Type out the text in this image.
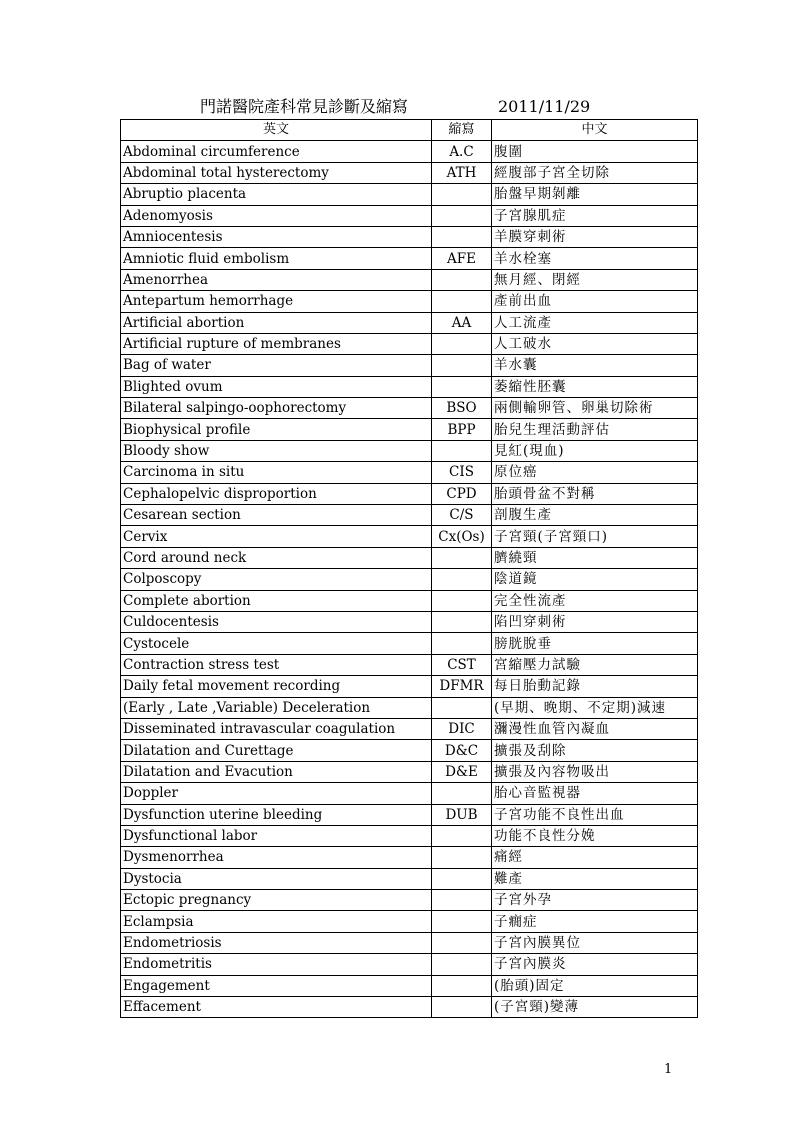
門諾醫院產科常見診斷及縮寫	2011/11/29
英文	縮寫	中文
Abdominal circumference	A.C	腹圍
Abdominal total hysterectomy	ATH	經腹部子宮全切除
Abruptio placenta		胎盤早期剝離
Adenomyosis		子宮腺肌症
Amniocentesis		羊膜穿刺術
Amniotic fluid embolism	AFE	羊水栓塞
Amenorrhea		無月經、閉經
Antepartum hemorrhage		產前出血
Artificial abortion	AA	人工流產
Artificial rupture of membranes		人工破水
Bag of water		羊水囊
Blighted ovum		萎縮性胚囊
Bilateral salpingo-oophorectomy	BSO	兩側輸卵管、卵巢切除術
Biophysical profile	BPP	胎兒生理活動評估
Bloody show		見紅(現血)
Carcinoma in situ	CIS	原位癌
Cephalopelvic disproportion	CPD	胎頭骨盆不對稱
Cesarean section	C/S	剖腹生產
Cervix	Cx(Os)	子宮頸(子宮頸口)
Cord around neck		臍繞頸
Colposcopy		陰道鏡
Complete abortion		完全性流產
Culdocentesis		陷凹穿刺術
Cystocele		膀胱脫垂
Contraction stress test	CST	宮縮壓力試驗
Daily fetal movement recording	DFMR	每日胎動記錄
(Early , Late ,Variable) Deceleration		(早期、晚期、不定期)減速
Disseminated intravascular coagulation	DIC	瀰漫性血管內凝血
Dilatation and Curettage	D&C	擴張及刮除
Dilatation and Evacution	D&E	擴張及內容物吸出
Doppler		胎心音監視器
Dysfunction uterine bleeding	DUB	子宮功能不良性出血
Dysfunctional labor		功能不良性分娩
Dysmenorrhea		痛經
Dystocia		難產
Ectopic pregnancy		子宮外孕
Eclampsia		子癇症
Endometriosis		子宮內膜異位
Endometritis		子宮內膜炎
Engagement		(胎頭)固定
Effacement		(子宮頸)變薄
1
